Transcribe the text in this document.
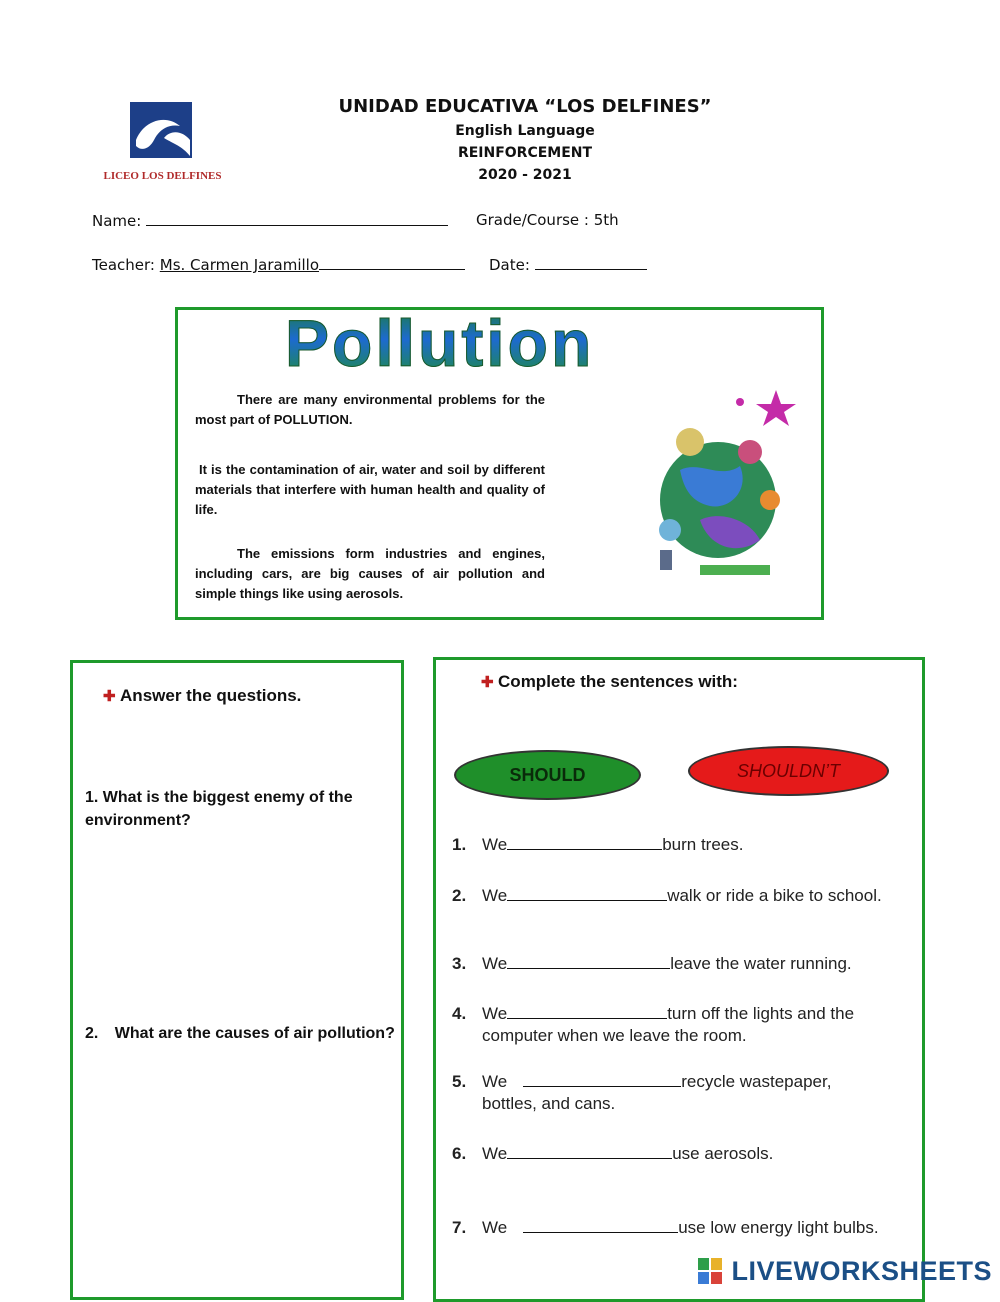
LICEO LOS DELFINES
UNIDAD EDUCATIVA “LOS DELFINES”
English Language
REINFORCEMENT
2020 - 2021
Name:	Grade/Course : 5th
Teacher: Ms. Carmen Jaramillo	Date:
Pollution
There are many environmental problems for the most part of POLLUTION.
It is the contamination of air, water and soil by different materials that interfere with human health and quality of life.
The emissions form industries and engines, including cars, are big causes of air pollution and simple things like using aerosols.
✚ Answer the questions.
1. What is the biggest enemy of the environment?
2. What are the causes of air pollution?
✚ Complete the sentences with:
SHOULD	SHOULDN’T
1. We	burn trees.
2. We	walk or ride a bike to school.
3. We	leave the water running.
4. We	turn off the lights and the computer when we leave the room.
5. We	recycle wastepaper, bottles, and cans.
6. We	use aerosols.
7. We	use low energy light bulbs.
LIVEWORKSHEETS
